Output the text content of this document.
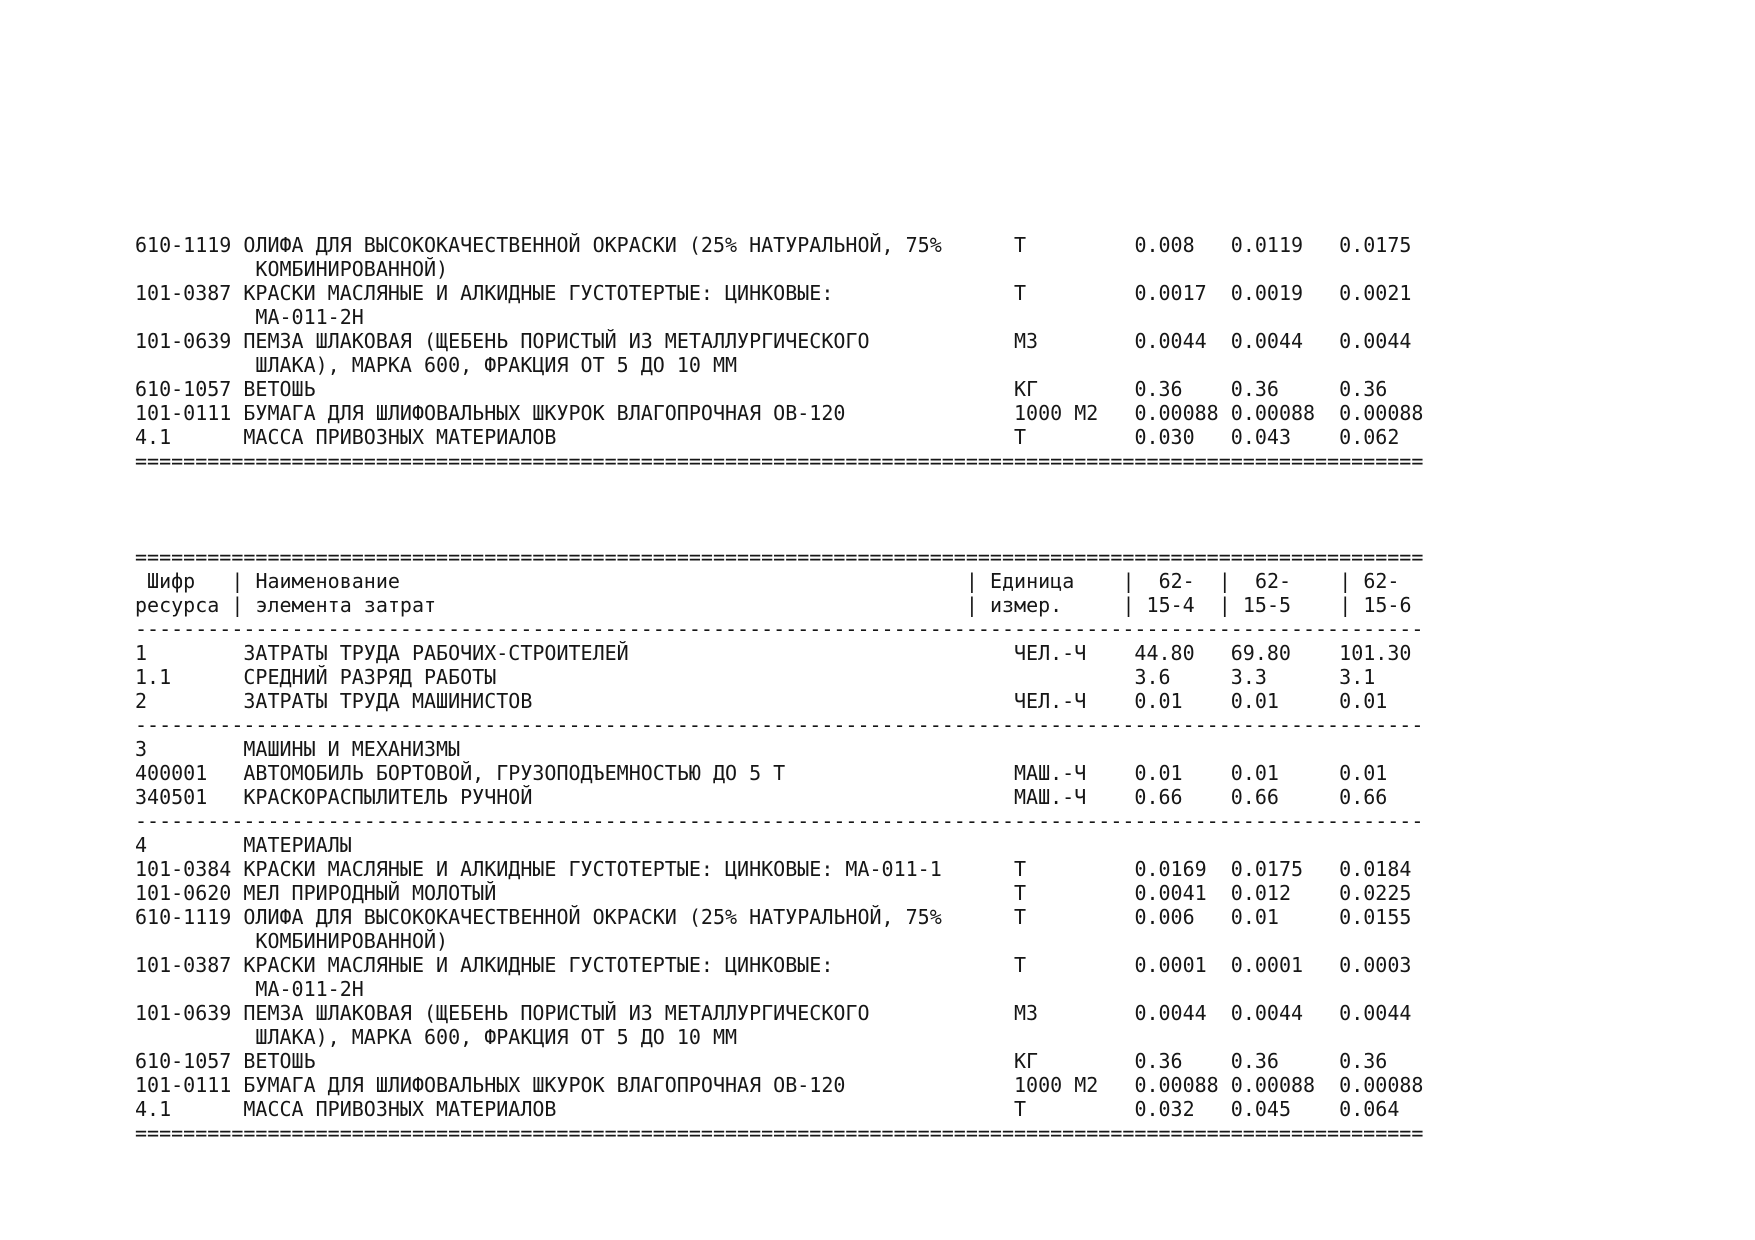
610-1119 ОЛИФА ДЛЯ ВЫСОКОКАЧЕСТВЕННОЙ ОКРАСКИ (25% НАТУРАЛЬНОЙ, 75%	Т	0.008 0.0119 0.0175
КОМБИНИРОВАННОЙ)
101-0387 КРАСКИ МАСЛЯНЫЕ И АЛКИДНЫЕ ГУСТОТЕРТЫЕ: ЦИНКОВЫЕ:	Т	0.0017 0.0019 0.0021
МА-011-2Н
101-0639 ПЕМЗА ШЛАКОВАЯ (ЩЕБЕНЬ ПОРИСТЫЙ ИЗ МЕТАЛЛУРГИЧЕСКОГО	М3	0.0044 0.0044 0.0044
ШЛАКА), МАРКА 600, ФРАКЦИЯ ОТ 5 ДО 10 ММ
610-1057 ВЕТОШЬ	КГ	0.36 0.36	0.36
101-0111 БУМАГА ДЛЯ ШЛИФОВАЛЬНЫХ ШКУРОК ВЛАГОПРОЧНАЯ ОВ-120	1000 М2 0.00088 0.00088 0.00088
4.1	МАССА ПРИВОЗНЫХ МАТЕРИАЛОВ	Т	0.030 0.043 0.062
===========================================================================================================

===========================================================================================================
Шифр | Наименование	| Единица | 62- | 62- | 62-
ресурса | элемента затрат	| измер.	| 15-4 | 15-5 | 15-6
-----------------------------------------------------------------------------------------------------------
1	ЗАТРАТЫ ТРУДА РАБОЧИХ-СТРОИТЕЛЕЙ	ЧЕЛ.-Ч 44.80 69.80 101.30
1.1	СРЕДНИЙ РАЗРЯД РАБОТЫ	3.6	3.3	3.1
2	ЗАТРАТЫ ТРУДА МАШИНИСТОВ	ЧЕЛ.-Ч 0.01 0.01	0.01
-----------------------------------------------------------------------------------------------------------
3	МАШИНЫ И МЕХАНИЗМЫ
400001 АВТОМОБИЛЬ БОРТОВОЙ, ГРУЗОПОДЪЕМНОСТЬЮ ДО 5 Т	МАШ.-Ч 0.01 0.01	0.01
340501 КРАСКОРАСПЫЛИТЕЛЬ РУЧНОЙ	МАШ.-Ч 0.66 0.66	0.66
-----------------------------------------------------------------------------------------------------------
4	МАТЕРИАЛЫ
101-0384 КРАСКИ МАСЛЯНЫЕ И АЛКИДНЫЕ ГУСТОТЕРТЫЕ: ЦИНКОВЫЕ: МА-011-1	Т	0.0169 0.0175 0.0184
101-0620 МЕЛ ПРИРОДНЫЙ МОЛОТЫЙ	Т	0.0041 0.012 0.0225
610-1119 ОЛИФА ДЛЯ ВЫСОКОКАЧЕСТВЕННОЙ ОКРАСКИ (25% НАТУРАЛЬНОЙ, 75%	Т	0.006 0.01	0.0155
КОМБИНИРОВАННОЙ)
101-0387 КРАСКИ МАСЛЯНЫЕ И АЛКИДНЫЕ ГУСТОТЕРТЫЕ: ЦИНКОВЫЕ:	Т	0.0001 0.0001 0.0003
МА-011-2Н
101-0639 ПЕМЗА ШЛАКОВАЯ (ЩЕБЕНЬ ПОРИСТЫЙ ИЗ МЕТАЛЛУРГИЧЕСКОГО	М3	0.0044 0.0044 0.0044
ШЛАКА), МАРКА 600, ФРАКЦИЯ ОТ 5 ДО 10 ММ
610-1057 ВЕТОШЬ	КГ	0.36 0.36	0.36
101-0111 БУМАГА ДЛЯ ШЛИФОВАЛЬНЫХ ШКУРОК ВЛАГОПРОЧНАЯ ОВ-120	1000 М2 0.00088 0.00088 0.00088
4.1	МАССА ПРИВОЗНЫХ МАТЕРИАЛОВ	Т	0.032 0.045 0.064
===========================================================================================================
